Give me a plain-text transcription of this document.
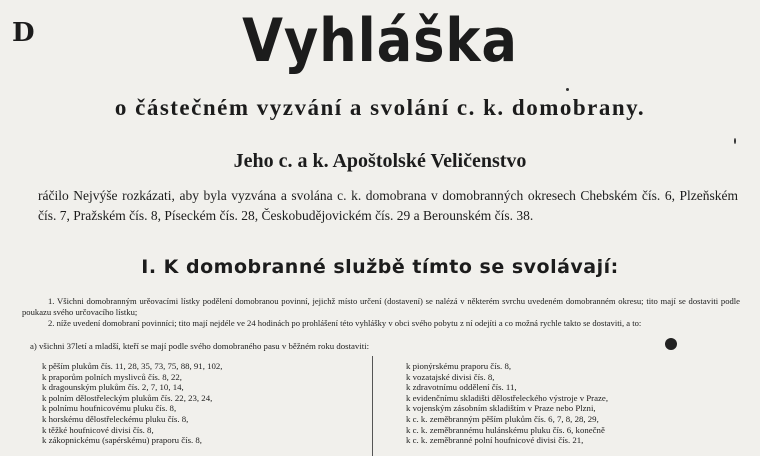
D	Vyhláška
o částečném vyzvání a svolání c. k. domobrany.
Jeho c. a k. Apoštolské Veličenstvo
ráčilo Nejvýše rozkázati, aby byla vyzvána a svolána c. k. domobrana v domobranných okresech Chebském čís. 6, Plzeňském čís. 7, Pražském čís. 8, Píseckém čís. 28, Českobudějovickém čís. 29 a Berounském čís. 38.
I. K domobranné službě tímto se svolávají:
1. Všichni domobranným urěovacími lístky podělení domobranou povinní, jejichž místo určení (dostavení) se nalézá v některém svrchu uvedeném domobranném okresu; tito mají se dostaviti podle poukazu svého určovacího lístku;
2. níže uvedení domobraní povinníci; tito mají nejdéle ve 24 hodinách po prohlášení této vyhlášky v obci svého pobytu z ní odejíti a co možná rychle takto se dostaviti, a to:
a) všichni 37letí a mladší, kteří se mají podle svého domobraného pasu v běžném roku dostaviti:
k pěším plukům čís. 11, 28, 35, 73, 75, 88, 91, 102,
k praporům polních myslivců čís. 8, 22,
k dragounským plukům čís. 2, 7, 10, 14,
k polním dělostřeleckým plukům čís. 22, 23, 24,
k polnímu houfnicovému pluku čís. 8,
k horskému dělostřeleckému pluku čís. 8,
k těžké houfnicové divisi čís. 8,
k zákopnickému (sapérskému) praporu čís. 8,
k pionýrskému praporu čís. 8,
k vozatajské divisi čís. 8,
k zdravotnímu oddělení čís. 11,
k evidenčnímu skladišti dělostřeleckého výstroje v Praze,
k vojenským zásobním skladištím v Praze nebo Plzni,
k c. k. zeměbranným pěším plukům čís. 6, 7, 8, 28, 29,
k c. k. zeměbrannému hulánskému pluku čís. 6, konečně
k c. k. zeměbranné polní houfnicové divisi čís. 21,
